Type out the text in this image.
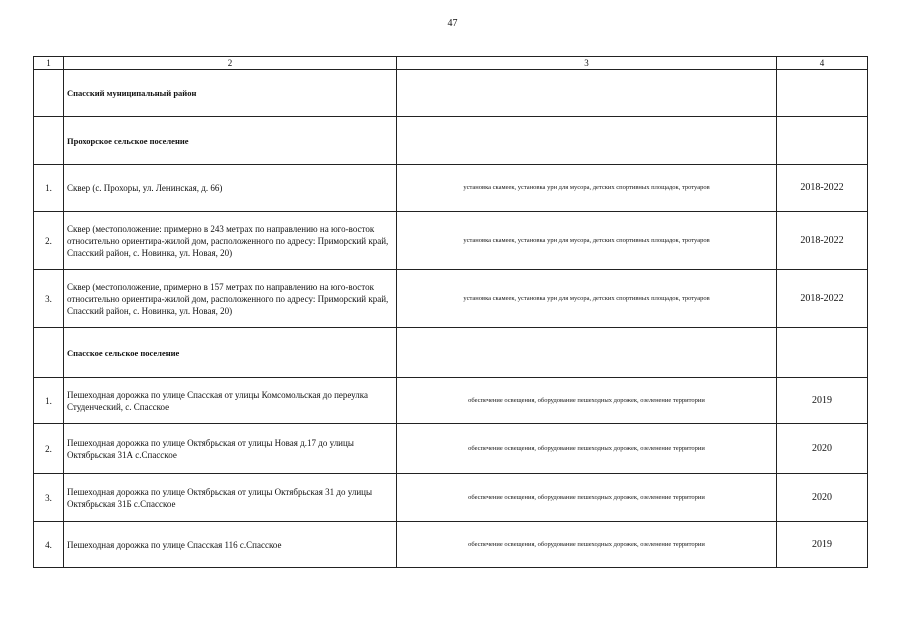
47
1	2	3	4
	Спасский муниципальный район		
	Прохорское сельское поселение		
1.	Сквер (с. Прохоры, ул. Ленинская, д. 66)	установка скамеек, установка урн для мусора, детских спортивных площадок, тротуаров	2018-2022
2.	Сквер (местоположение: примерно в 243 метрах по направлению на юго-восток относительно ориентира-жилой дом, расположенного по адресу: Приморский край, Спасский район, с. Новинка, ул. Новая, 20)	установка скамеек, установка урн для мусора, детских спортивных площадок, тротуаров	2018-2022
3.	Сквер (местоположение, примерно в 157 метрах по направлению на юго-восток относительно ориентира-жилой дом, расположенного по адресу: Приморский край, Спасский район, с. Новинка, ул. Новая, 20)	установка скамеек, установка урн для мусора, детских спортивных площадок, тротуаров	2018-2022
	Спасское сельское поселение		
1.	Пешеходная дорожка по улице Спасская от улицы Комсомольская до переулка Студенческий, с. Спасское	обеспечение освещения, оборудование пешеходных дорожек, озеленение территории	2019
2.	Пешеходная дорожка по улице Октябрьская от улицы Новая д.17 до улицы Октябрьская 31А с.Спасское	обеспечение освещения, оборудование пешеходных дорожек, озеленение территории	2020
3.	Пешеходная дорожка по улице Октябрьская от улицы Октябрьская 31 до улицы Октябрьская 31Б с.Спасское	обеспечение освещения, оборудование пешеходных дорожек, озеленение территории	2020
4.	Пешеходная дорожка по улице Спасская 116 с.Спасское	обеспечение освещения, оборудование пешеходных дорожек, озеленение территории	2019
